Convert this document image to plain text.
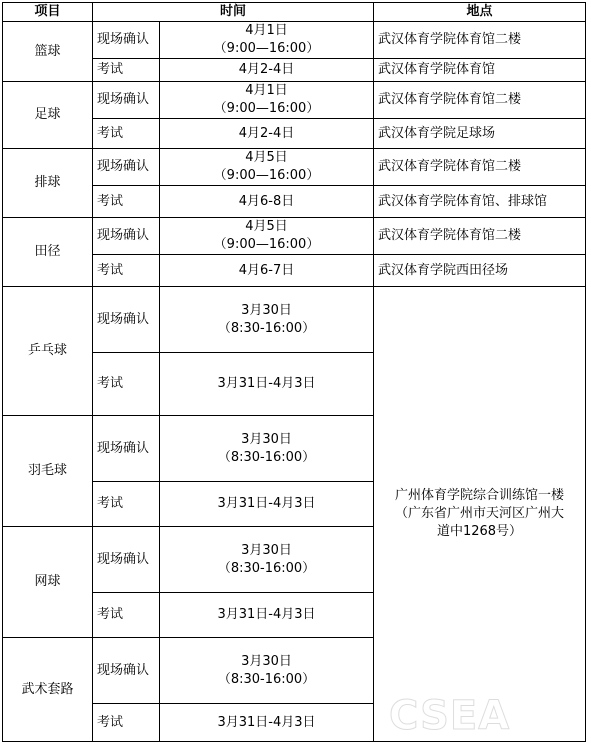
项目	时间		地点
篮球	现场确认	4月1日
（9:00—16:00）	武汉体育学院体育馆二楼
	考试	4月2-4日	武汉体育学院体育馆
足球	现场确认	4月1日
（9:00—16:00）	武汉体育学院体育馆二楼
	考试	4月2-4日	武汉体育学院足球场
排球	现场确认	4月5日
（9:00—16:00）	武汉体育学院体育馆二楼
	考试	4月6-8日	武汉体育学院体育馆、排球馆
田径	现场确认	4月5日
（9:00—16:00）	武汉体育学院体育馆二楼
	考试	4月6-7日	武汉体育学院西田径场
乒乓球	现场确认	3月30日
（8:30-16:00）	广州体育学院综合训练馆一楼
（广东省广州市天河区广州大
道中1268号）

	考试	3月31日-4月3日	

羽毛球	现场确认	3月30日
（8:30-16:00）	

	考试	3月31日-4月3日	

网球	现场确认	3月30日
（8:30-16:00）	

	考试	3月31日-4月3日	

武术套路	现场确认	3月30日
（8:30-16:00）	

	考试	3月31日-4月3日		CSEA
